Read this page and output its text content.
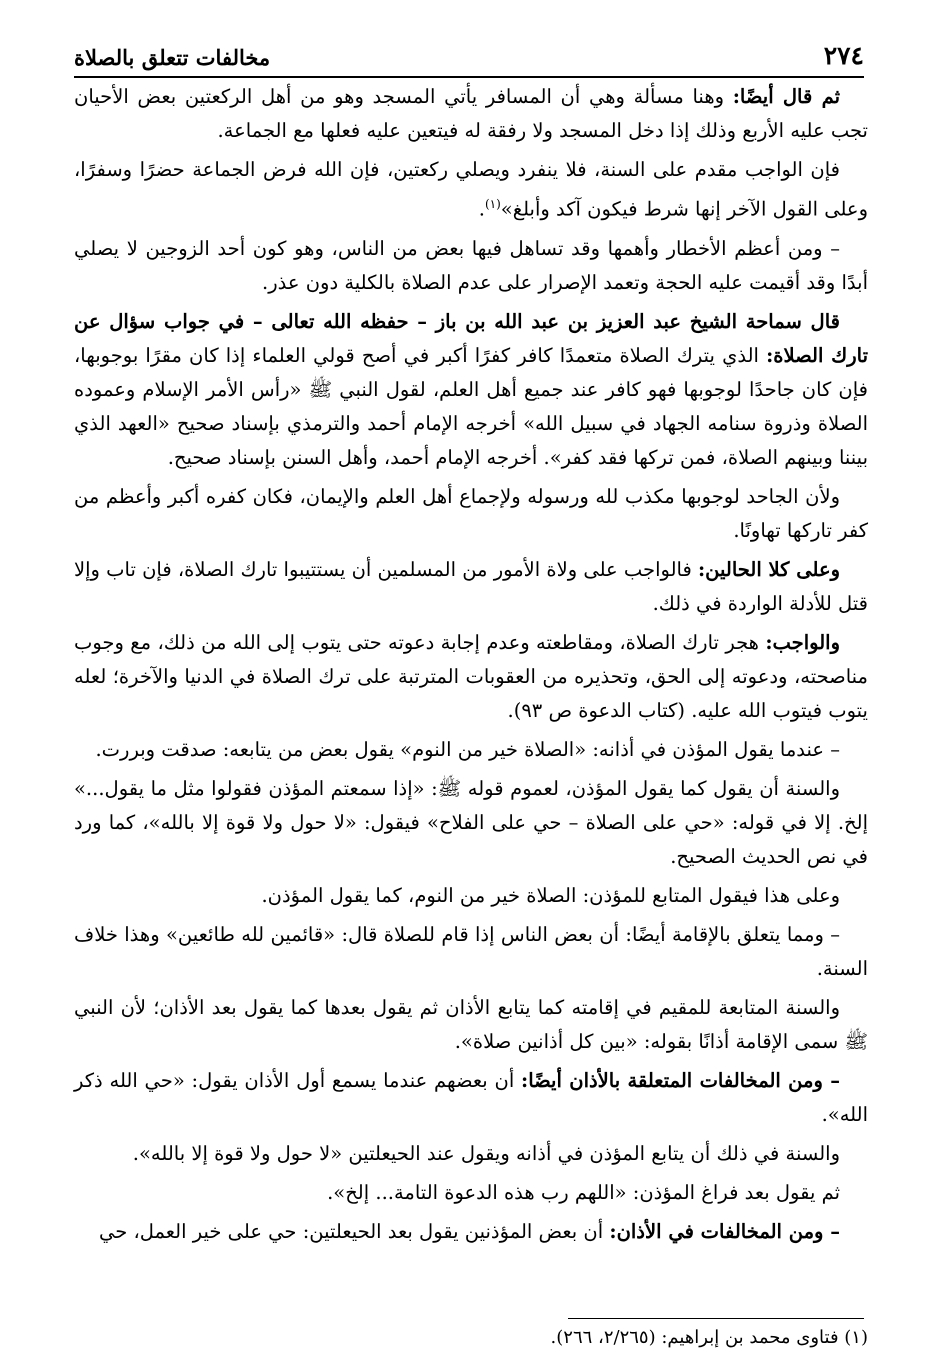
٢٧٤
مخالفات تتعلق بالصلاة

ثم قال أيضًا: وهنا مسألة وهي أن المسافر يأتي المسجد وهو من أهل الركعتين بعض الأحيان تجب عليه الأربع وذلك إذا دخل المسجد ولا رفقة له فيتعين عليه فعلها مع الجماعة.

فإن الواجب مقدم على السنة، فلا ينفرد ويصلي ركعتين، فإن الله فرض الجماعة حضرًا وسفرًا، وعلى القول الآخر إنها شرط فيكون آكد وأبلغ»$^{(١)}$.

– ومن أعظم الأخطار وأهمها وقد تساهل فيها بعض من الناس، وهو كون أحد الزوجين لا يصلي أبدًا وقد أقيمت عليه الحجة وتعمد الإصرار على عدم الصلاة بالكلية دون عذر.

قال سماحة الشيخ عبد العزيز بن عبد الله بن باز – حفظه الله تعالى – في جواب سؤال عن تارك الصلاة: الذي يترك الصلاة متعمدًا كافر كفرًا أكبر في أصح قولي العلماء إذا كان مقرًا بوجوبها، فإن كان جاحدًا لوجوبها فهو كافر عند جميع أهل العلم، لقول النبي ﷺ «رأس الأمر الإسلام وعموده الصلاة وذروة سنامه الجهاد في سبيل الله» أخرجه الإمام أحمد والترمذي بإسناد صحيح «العهد الذي بيننا وبينهم الصلاة، فمن تركها فقد كفر». أخرجه الإمام أحمد، وأهل السنن بإسناد صحيح.

ولأن الجاحد لوجوبها مكذب لله ورسوله ولإجماع أهل العلم والإيمان، فكان كفره أكبر وأعظم من كفر تاركها تهاونًا.

وعلى كلا الحالين: فالواجب على ولاة الأمور من المسلمين أن يستتيبوا تارك الصلاة، فإن تاب وإلا قتل للأدلة الواردة في ذلك.

والواجب: هجر تارك الصلاة، ومقاطعته وعدم إجابة دعوته حتى يتوب إلى الله من ذلك، مع وجوب مناصحته، ودعوته إلى الحق، وتحذيره من العقوبات المترتبة على ترك الصلاة في الدنيا والآخرة؛ لعله يتوب فيتوب الله عليه. (كتاب الدعوة ص ٩٣).

– عندما يقول المؤذن في أذانه: «الصلاة خير من النوم» يقول بعض من يتابعه: صدقت وبررت.

والسنة أن يقول كما يقول المؤذن، لعموم قوله ﷺ: «إذا سمعتم المؤذن فقولوا مثل ما يقول...» إلخ. إلا في قوله: «حي على الصلاة – حي على الفلاح» فيقول: «لا حول ولا قوة إلا بالله»، كما ورد في نص الحديث الصحيح.

وعلى هذا فيقول المتابع للمؤذن: الصلاة خير من النوم، كما يقول المؤذن.

– ومما يتعلق بالإقامة أيضًا: أن بعض الناس إذا قام للصلاة قال: «قائمين لله طائعين» وهذا خلاف السنة.

والسنة المتابعة للمقيم في إقامته كما يتابع الأذان ثم يقول بعدها كما يقول بعد الأذان؛ لأن النبي ﷺ سمى الإقامة أذانًا بقوله: «بين كل أذانين صلاة».

– ومن المخالفات المتعلقة بالأذان أيضًا: أن بعضهم عندما يسمع أول الأذان يقول: «حي الله ذكر الله».

والسنة في ذلك أن يتابع المؤذن في أذانه ويقول عند الحيعلتين «لا حول ولا قوة إلا بالله».

ثم يقول بعد فراغ المؤذن: «اللهم رب هذه الدعوة التامة... إلخ».

– ومن المخالفات في الأذان: أن بعض المؤذنين يقول بعد الحيعلتين: حي على خير العمل، حي

(١) فتاوى محمد بن إبراهيم: (٢/٢٦٥، ٢٦٦).
